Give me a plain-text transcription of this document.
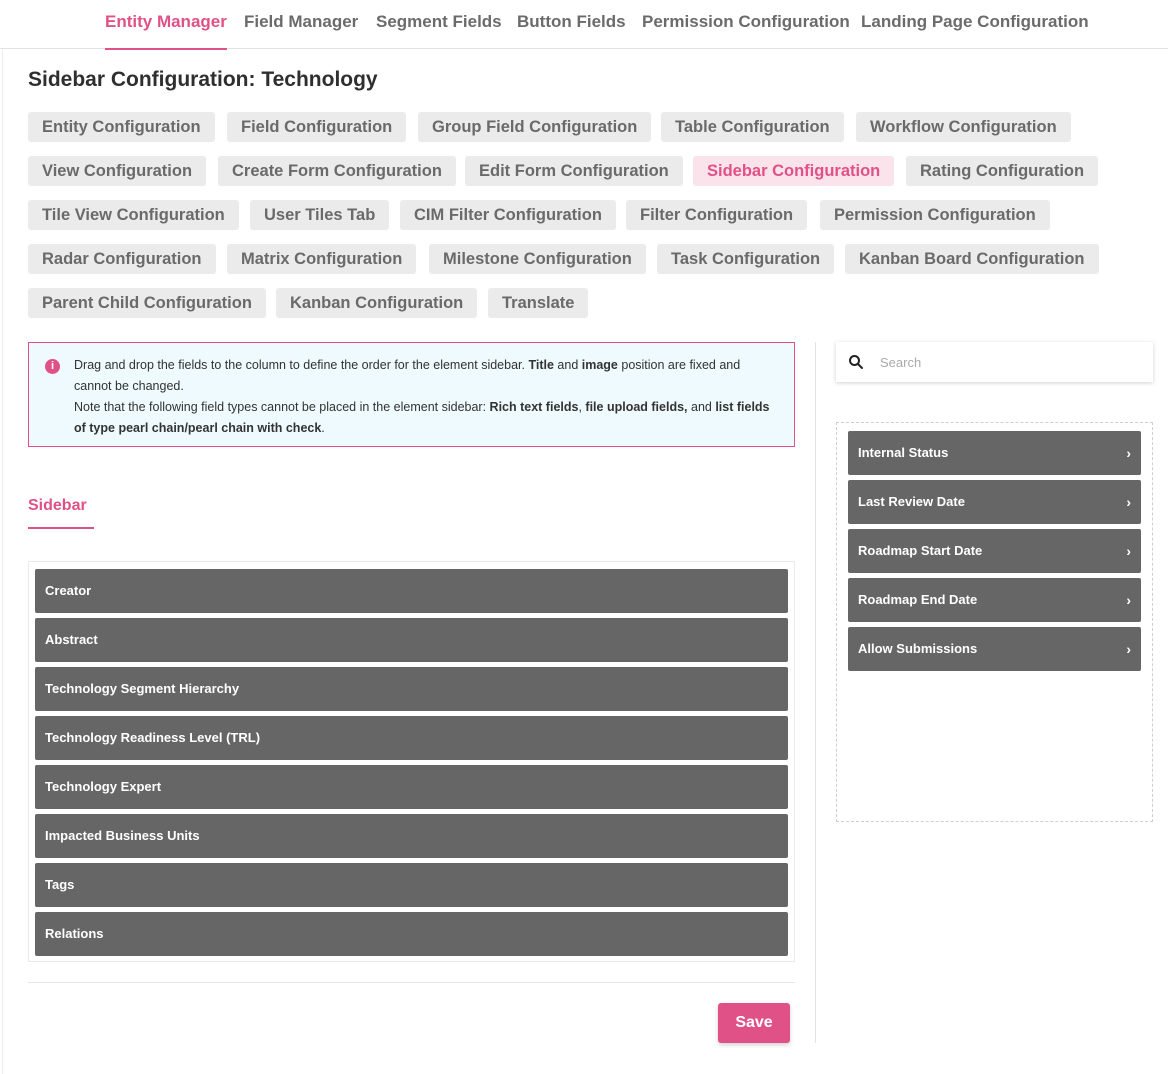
Entity Manager Field Manager Segment Fields Button Fields Permission Configuration Landing Page Configuration
Sidebar Configuration: Technology
Entity Configuration	Field Configuration	Group Field Configuration	Table Configuration	Workflow Configuration
View Configuration	Create Form Configuration	Edit Form Configuration	Sidebar Configuration	Rating Configuration
Tile View Configuration	User Tiles Tab	CIM Filter Configuration	Filter Configuration	Permission Configuration
Radar Configuration	Matrix Configuration	Milestone Configuration	Task Configuration	Kanban Board Configuration
Parent Child Configuration	Kanban Configuration	Translate
i	Drag and drop the fields to the column to define the order for the element sidebar. Title and image position are fixed and cannot be changed.
Note that the following field types cannot be placed in the element sidebar: Rich text fields, file upload fields, and list fields of type pearl chain/pearl chain with check.
Sidebar
Creator
Abstract
Technology Segment Hierarchy
Technology Readiness Level (TRL)
Technology Expert
Impacted Business Units
Tags
Relations
Save
Search
Internal Status	›
Last Review Date	›
Roadmap Start Date	›
Roadmap End Date	›
Allow Submissions	›
